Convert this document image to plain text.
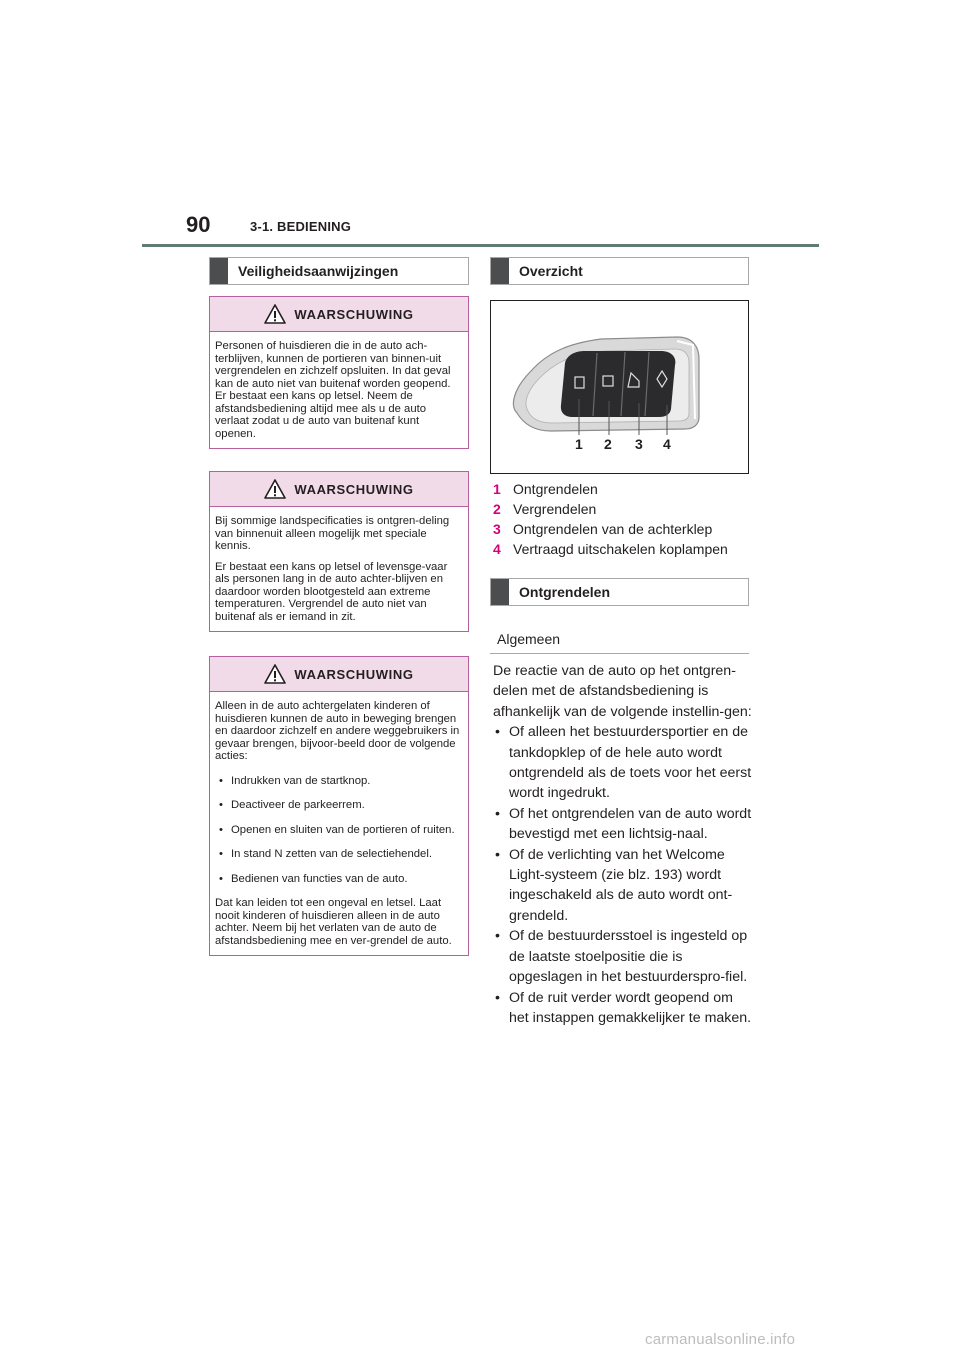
90	3-1. BEDIENING
Veiligheidsaanwijzingen
WAARSCHUWING

Personen of huisdieren die in de auto ach-terblijven, kunnen de portieren van binnen-uit vergrendelen en zichzelf opsluiten. In dat geval kan de auto niet van buitenaf worden geopend. Er bestaat een kans op letsel. Neem de afstandsbediening altijd mee als u de auto verlaat zodat u de auto van buitenaf kunt openen.

WAARSCHUWING

Bij sommige landspecificaties is ontgren-deling van binnenuit alleen mogelijk met speciale kennis.

Er bestaat een kans op letsel of levensge-vaar als personen lang in de auto achter-blijven en daardoor worden blootgesteld aan extreme temperaturen. Vergrendel de auto niet van buitenaf als er iemand in zit.

WAARSCHUWING

Alleen in de auto achtergelaten kinderen of huisdieren kunnen de auto in beweging brengen en daardoor zichzelf en andere weggebruikers in gevaar brengen, bijvoor-beeld door de volgende acties:

• Indrukken van de startknop.
• Deactiveer de parkeerrem.
• Openen en sluiten van de portieren of ruiten.
• In stand N zetten van de selectiehendel.
• Bedienen van functies van de auto.

Dat kan leiden tot een ongeval en letsel. Laat nooit kinderen of huisdieren alleen in de auto achter. Neem bij het verlaten van de auto de afstandsbediening mee en ver-grendel de auto.

Overzicht
1 2 3 4
1 Ontgrendelen
2 Vergrendelen
3 Ontgrendelen van de achterklep
4 Vertraagd uitschakelen koplampen
Ontgrendelen
Algemeen

De reactie van de auto op het ontgren-delen met de afstandsbediening is afhankelijk van de volgende instellin-gen:

• Of alleen het bestuurdersportier en de tankdopklep of de hele auto wordt ontgrendeld als de toets voor het eerst wordt ingedrukt.
• Of het ontgrendelen van de auto wordt bevestigd met een lichtsig-naal.
• Of de verlichting van het Welcome Light-systeem (zie blz. 193) wordt ingeschakeld als de auto wordt ont-grendeld.
• Of de bestuurdersstoel is ingesteld op de laatste stoelpositie die is opgeslagen in het bestuurderspro-fiel.
• Of de ruit verder wordt geopend om het instappen gemakkelijker te maken.
carmanualsonline.info
